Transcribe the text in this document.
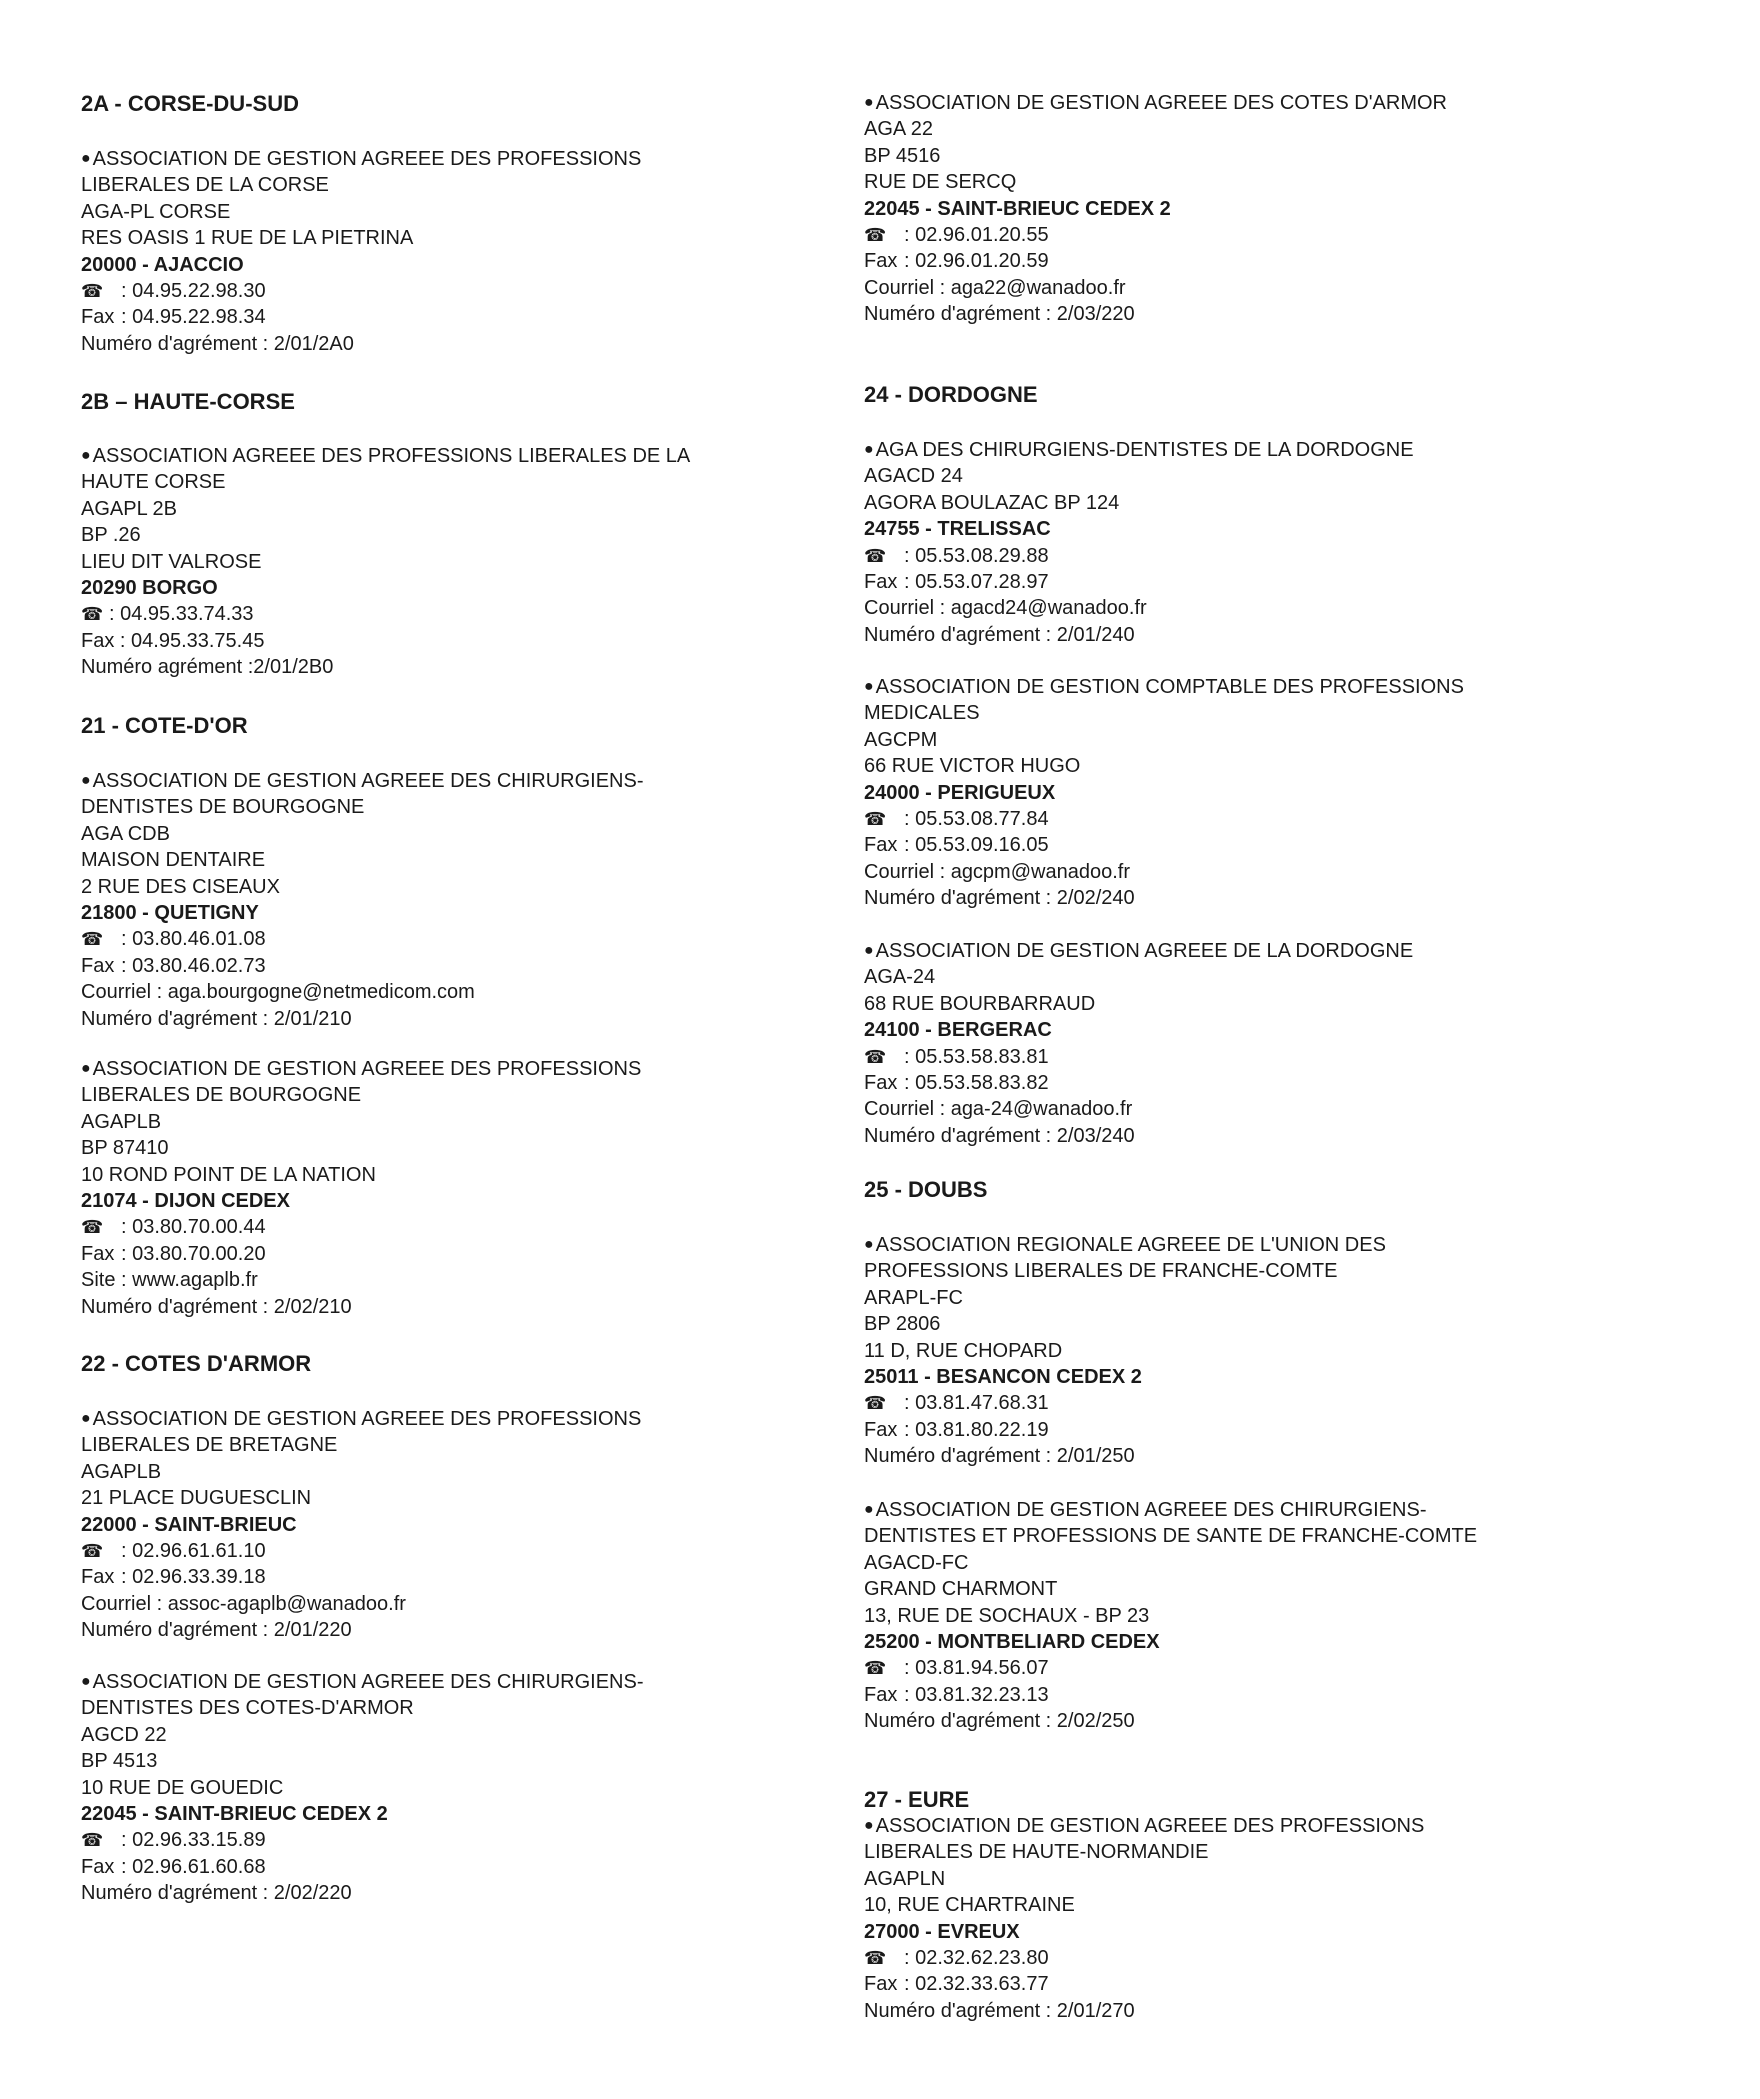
2A - CORSE-DU-SUD
● ASSOCIATION DE GESTION AGREEE DES PROFESSIONS LIBERALES DE LA CORSE
AGA-PL CORSE
RES OASIS 1 RUE DE LA PIETRINA
20000 - AJACCIO
☎ : 04.95.22.98.30
Fax : 04.95.22.98.34
Numéro d'agrément : 2/01/2A0
2B – HAUTE-CORSE
● ASSOCIATION AGREEE DES PROFESSIONS LIBERALES DE LA HAUTE CORSE
AGAPL 2B
BP .26
LIEU DIT VALROSE
20290 BORGO
☎ : 04.95.33.74.33
Fax : 04.95.33.75.45
Numéro agrément :2/01/2B0
21 - COTE-D'OR
● ASSOCIATION DE GESTION AGREEE DES CHIRURGIENS-DENTISTES DE BOURGOGNE
AGA CDB
MAISON DENTAIRE
2 RUE DES CISEAUX
21800 - QUETIGNY
☎ : 03.80.46.01.08
Fax : 03.80.46.02.73
Courriel : aga.bourgogne@netmedicom.com
Numéro d'agrément : 2/01/210
● ASSOCIATION DE GESTION AGREEE DES PROFESSIONS LIBERALES DE BOURGOGNE
AGAPLB
BP 87410
10 ROND POINT DE LA NATION
21074 - DIJON CEDEX
☎ : 03.80.70.00.44
Fax : 03.80.70.00.20
Site : www.agaplb.fr
Numéro d'agrément : 2/02/210
22 - COTES D'ARMOR
● ASSOCIATION DE GESTION AGREEE DES PROFESSIONS LIBERALES DE BRETAGNE
AGAPLB
21 PLACE DUGUESCLIN
22000 - SAINT-BRIEUC
☎ : 02.96.61.61.10
Fax : 02.96.33.39.18
Courriel : assoc-agaplb@wanadoo.fr
Numéro d'agrément : 2/01/220
● ASSOCIATION DE GESTION AGREEE DES CHIRURGIENS-DENTISTES DES COTES-D'ARMOR
AGCD 22
BP 4513
10 RUE DE GOUEDIC
22045 - SAINT-BRIEUC CEDEX 2
☎ : 02.96.33.15.89
Fax : 02.96.61.60.68
Numéro d'agrément : 2/02/220
● ASSOCIATION DE GESTION AGREEE DES COTES D'ARMOR
AGA 22
BP 4516
RUE DE SERCQ
22045 - SAINT-BRIEUC CEDEX 2
☎ : 02.96.01.20.55
Fax : 02.96.01.20.59
Courriel : aga22@wanadoo.fr
Numéro d'agrément : 2/03/220
24 - DORDOGNE
● AGA DES CHIRURGIENS-DENTISTES DE LA DORDOGNE
AGACD 24
AGORA BOULAZAC BP 124
24755 - TRELISSAC
☎ : 05.53.08.29.88
Fax : 05.53.07.28.97
Courriel : agacd24@wanadoo.fr
Numéro d'agrément : 2/01/240
● ASSOCIATION DE GESTION COMPTABLE DES PROFESSIONS MEDICALES
AGCPM
66 RUE VICTOR HUGO
24000 - PERIGUEUX
☎ : 05.53.08.77.84
Fax : 05.53.09.16.05
Courriel : agcpm@wanadoo.fr
Numéro d'agrément : 2/02/240
● ASSOCIATION DE GESTION AGREEE DE LA DORDOGNE
AGA-24
68 RUE BOURBARRAUD
24100 - BERGERAC
☎ : 05.53.58.83.81
Fax : 05.53.58.83.82
Courriel : aga-24@wanadoo.fr
Numéro d'agrément : 2/03/240
25 - DOUBS
● ASSOCIATION REGIONALE AGREEE DE L'UNION DES PROFESSIONS LIBERALES DE FRANCHE-COMTE
ARAPL-FC
BP 2806
11 D, RUE CHOPARD
25011 - BESANCON CEDEX 2
☎ : 03.81.47.68.31
Fax : 03.81.80.22.19
Numéro d'agrément : 2/01/250
● ASSOCIATION DE GESTION AGREEE DES CHIRURGIENS-DENTISTES ET PROFESSIONS DE SANTE DE FRANCHE-COMTE
AGACD-FC
GRAND CHARMONT
13, RUE DE SOCHAUX - BP 23
25200 - MONTBELIARD CEDEX
☎ : 03.81.94.56.07
Fax : 03.81.32.23.13
Numéro d'agrément : 2/02/250
27 - EURE
● ASSOCIATION DE GESTION AGREEE DES PROFESSIONS LIBERALES DE HAUTE-NORMANDIE
AGAPLN
10, RUE CHARTRAINE
27000 - EVREUX
☎ : 02.32.62.23.80
Fax : 02.32.33.63.77
Numéro d'agrément : 2/01/270
